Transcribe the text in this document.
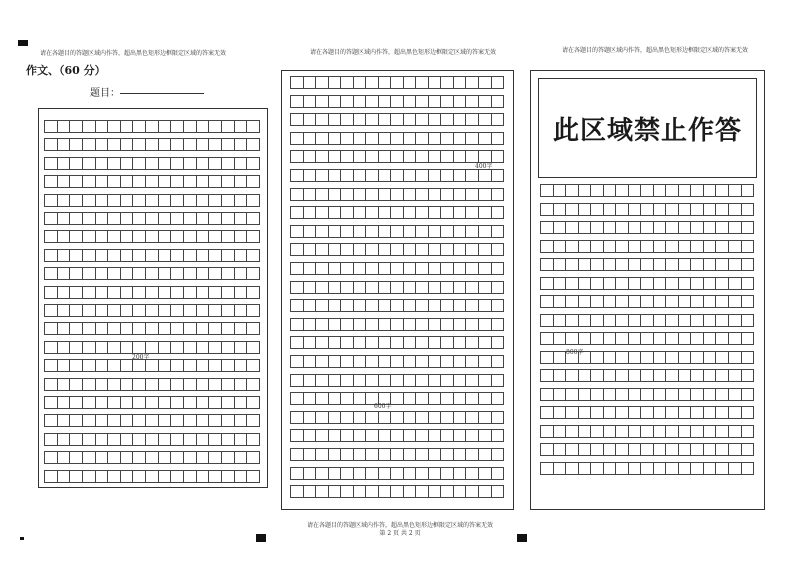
请在各题目的答题区域内作答，超出黑色矩形边框限定区域的答案无效	请在各题目的答题区域内作答，超出黑色矩形边框限定区域的答案无效	请在各题目的答题区域内作答，超出黑色矩形边框限定区域的答案无效
作文、（60 分）
题目：
200字
400字
600字
800字
此区域禁止作答
请在各题目的答题区域内作答，超出黑色矩形边框限定区域的答案无效
第 2 页 共 2 页
